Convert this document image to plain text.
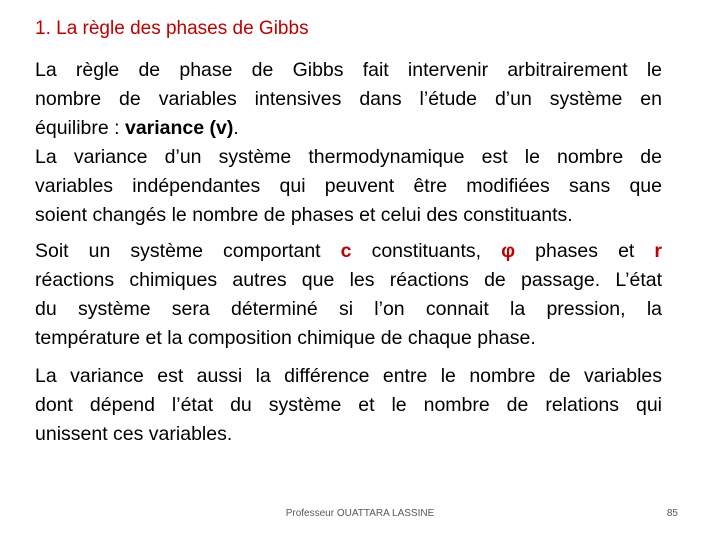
1. La règle des phases de Gibbs
La règle de phase de Gibbs fait intervenir arbitrairement le
nombre de variables intensives dans l’étude d’un système en
équilibre : variance (v).
La variance d’un système thermodynamique est le nombre de
variables indépendantes qui peuvent être modifiées sans que
soient changés le nombre de phases et celui des constituants.
Soit un système comportant c constituants, φ phases et r
réactions chimiques autres que les réactions de passage. L’état
du système sera déterminé si l’on connait la pression, la
température et la composition chimique de chaque phase.
La variance est aussi la différence entre le nombre de variables
dont dépend l’état du système et le nombre de relations qui
unissent ces variables.
Professeur OUATTARA LASSINE	85
